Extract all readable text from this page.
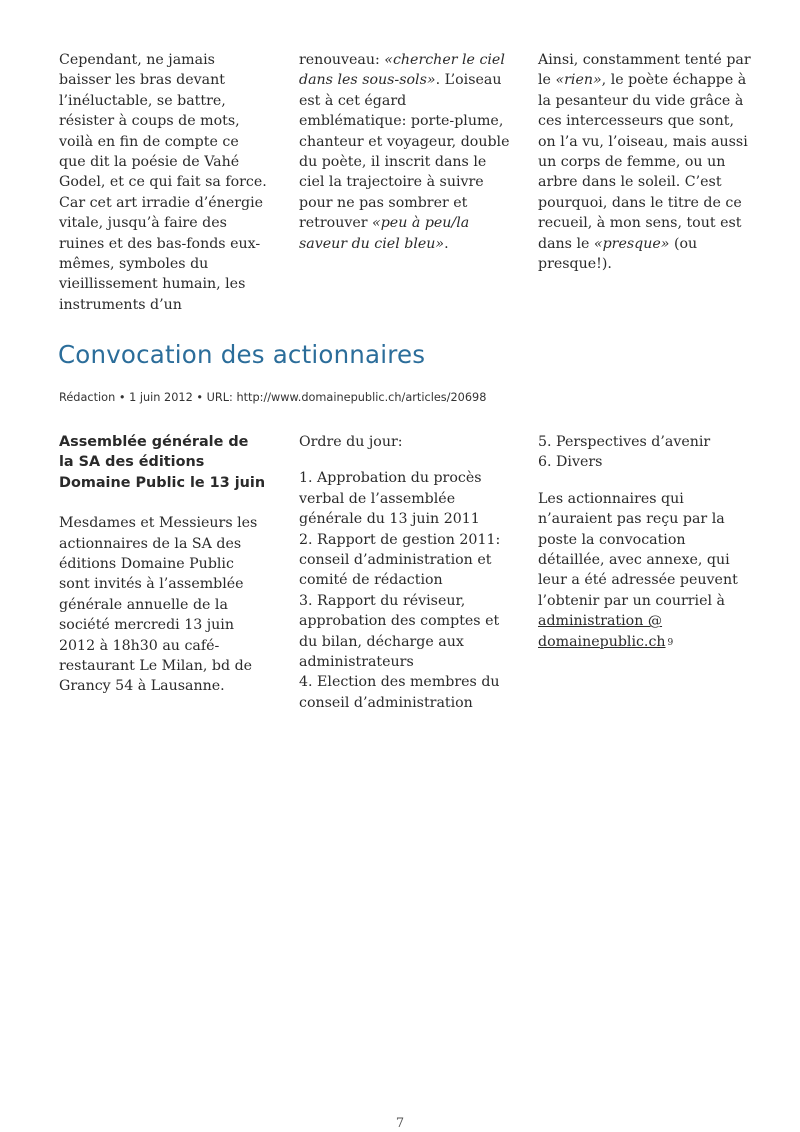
Cependant, ne jamais baisser les bras devant l’inéluctable, se battre, résister à coups de mots, voilà en fin de compte ce que dit la poésie de Vahé Godel, et ce qui fait sa force. Car cet art irradie d’énergie vitale, jusqu’à faire des ruines et des bas-fonds eux-mêmes, symboles du vieillissement humain, les instruments d’un

renouveau: «chercher le ciel dans les sous-sols». L’oiseau est à cet égard emblématique: porte-plume, chanteur et voyageur, double du poète, il inscrit dans le ciel la trajectoire à suivre pour ne pas sombrer et retrouver «peu à peu/la saveur du ciel bleu».

Ainsi, constamment tenté par le «rien», le poète échappe à la pesanteur du vide grâce à ces intercesseurs que sont, on l’a vu, l’oiseau, mais aussi un corps de femme, ou un arbre dans le soleil. C’est pourquoi, dans le titre de ce recueil, à mon sens, tout est dans le «presque» (ou presque!).

Convocation des actionnaires
Rédaction • 1 juin 2012 • URL: http://www.domainepublic.ch/articles/20698

Assemblée générale de la SA des éditions Domaine Public le 13 juin

Mesdames et Messieurs les actionnaires de la SA des éditions Domaine Public sont invités à l’assemblée générale annuelle de la société mercredi 13 juin 2012 à 18h30 au café-restaurant Le Milan, bd de Grancy 54 à Lausanne.

Ordre du jour:

1. Approbation du procès verbal de l’assemblée générale du 13 juin 2011

2. Rapport de gestion 2011: conseil d’administration et comité de rédaction

3. Rapport du réviseur, approbation des comptes et du bilan, décharge aux administrateurs

4. Election des membres du conseil d’administration

5. Perspectives d’avenir

6. Divers

Les actionnaires qui n’auraient pas reçu par la poste la convocation détaillée, avec annexe, qui leur a été adressée peuvent l’obtenir par un courriel à administration @ domainepublic.ch 9

7
